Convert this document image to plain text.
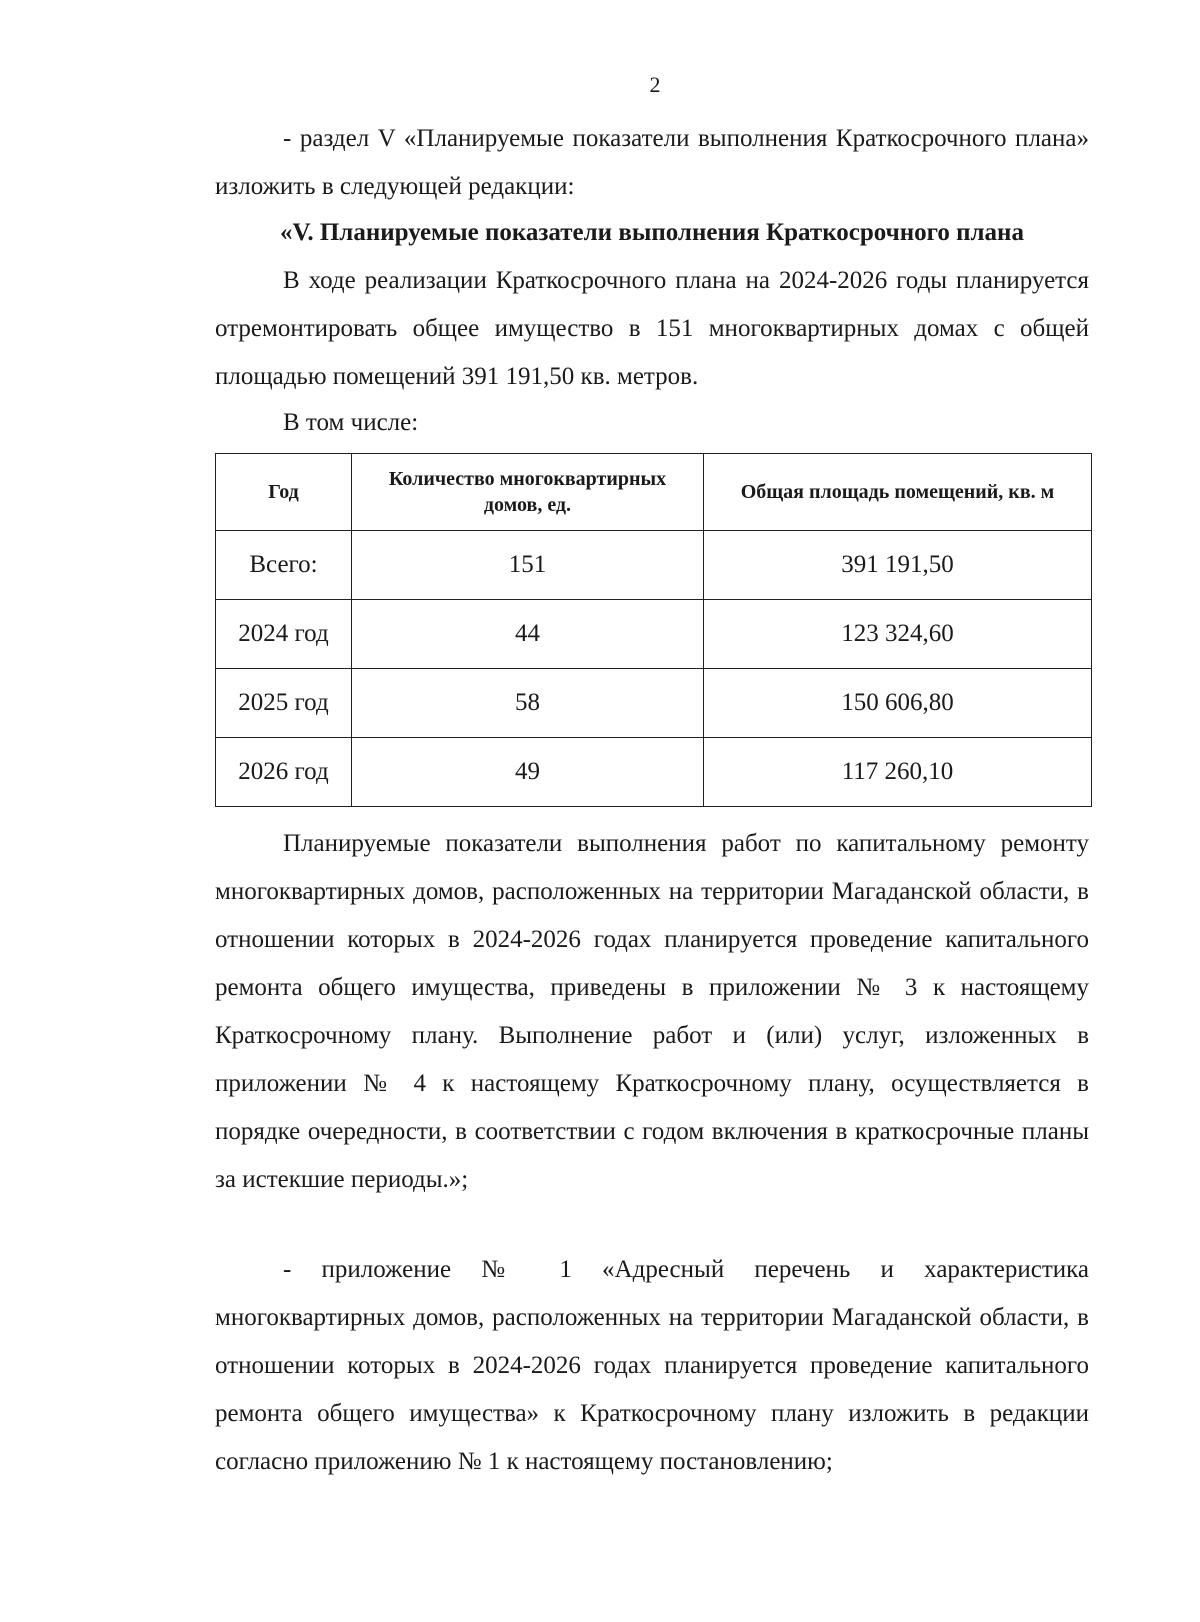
2

- раздел V «Планируемые показатели выполнения Краткосрочного плана» изложить в следующей редакции:

«V. Планируемые показатели выполнения Краткосрочного плана

В ходе реализации Краткосрочного плана на 2024-2026 годы планируется отремонтировать общее имущество в 151 многоквартирных домах с общей площадью помещений 391 191,50 кв. метров.

В том числе:

Год	Количество многоквартирных домов, ед.	Общая площадь помещений, кв. м
Всего:	151	391 191,50
2024 год	44	123 324,60
2025 год	58	150 606,80
2026 год	49	117 260,10

Планируемые показатели выполнения работ по капитальному ремонту многоквартирных домов, расположенных на территории Магаданской области, в отношении которых в 2024-2026 годах планируется проведение капитального ремонта общего имущества, приведены в приложении № 3 к настоящему Краткосрочному плану. Выполнение работ и (или) услуг, изложенных в приложении № 4 к настоящему Краткосрочному плану, осуществляется в порядке очередности, в соответствии с годом включения в краткосрочные планы за истекшие периоды.»;

- приложение № 1 «Адресный перечень и характеристика многоквартирных домов, расположенных на территории Магаданской области, в отношении которых в 2024-2026 годах планируется проведение капитального ремонта общего имущества» к Краткосрочному плану изложить в редакции согласно приложению № 1 к настоящему постановлению;
